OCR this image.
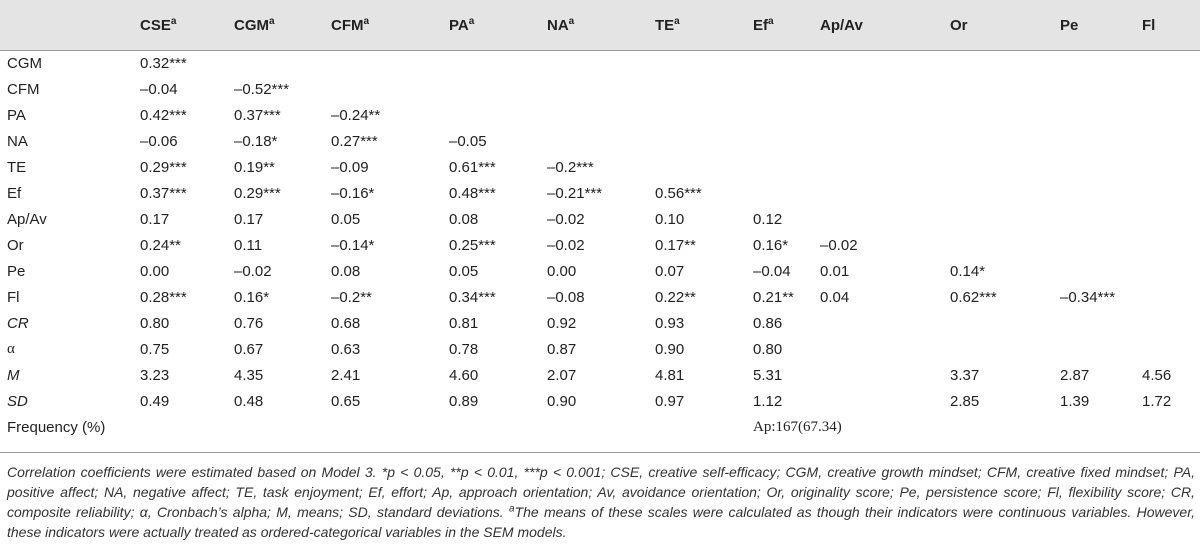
	CSE$^a$	CGM$^a$	CFM$^a$	$PA^a$	$NA^a$	$TE^a$	Ef$^a$	Ap/Av	Or	Pe	Fl
CGM	0.32***										
CFM	–0.04	–0.52***									
PA	0.42***	0.37***	–0.24**								
NA	–0.06	–0.18*	0.27***	–0.05							
TE	0.29***	0.19**	–0.09	0.61***	–0.2***						
Ef	0.37***	0.29***	–0.16*	0.48***	–0.21***	0.56***					
Ap/Av	0.17	0.17	0.05	0.08	–0.02	0.10	0.12				
Or	0.24**	0.11	–0.14*	0.25***	–0.02	0.17**	0.16*	–0.02			
Pe	0.00	–0.02	0.08	0.05	0.00	0.07	–0.04	0.01	0.14*		
Fl	0.28***	0.16*	–0.2**	0.34***	–0.08	0.22**	0.21**	0.04	0.62***	–0.34***	
CR	0.80	0.76	0.68	0.81	0.92	0.93	0.86				
α	0.75	0.67	0.63	0.78	0.87	0.90	0.80				
M	3.23	4.35	2.41	4.60	2.07	4.81	5.31		3.37	2.87	4.56
SD	0.49	0.48	0.65	0.89	0.90	0.97	1.12		2.85	1.39	1.72
Frequency (%)							Ap:167(67.34)				
Correlation coefficients were estimated based on Model 3. *p < 0.05, **p < 0.01, ***p < 0.001; CSE, creative self-efficacy; CGM, creative growth mindset; CFM, creative fixed mindset; PA, positive affect; NA, negative affect; TE, task enjoyment; Ef, effort; Ap, approach orientation; Av, avoidance orientation; Or, originality score; Pe, persistence score; Fl, flexibility score; CR, composite reliability; α, Cronbach’s alpha; M, means; SD, standard deviations. $^a$The means of these scales were calculated as though their indicators were continuous variables. However, these indicators were actually treated as ordered-categorical variables in the SEM models.
